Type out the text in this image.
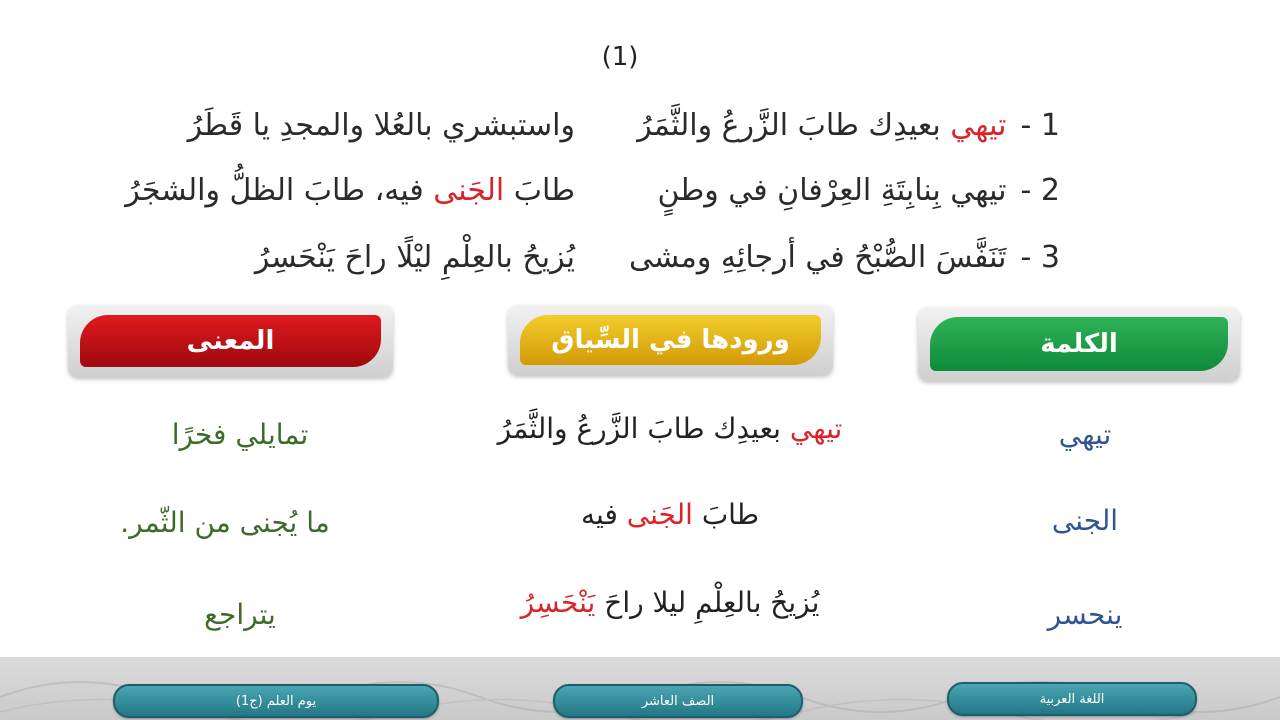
(1)
1 -تيهي بعيدِك طابَ الزَّرعُ والثَّمَرُ
واستبشري بالعُلا والمجدِ يا قَطَرُ
2 -تيهي بِنابِتَةِ العِرْفانِ في وطنٍ
طابَ الجَنى فيه، طابَ الظلُّ والشجَرُ
3 -تَنَفَّسَ الصُّبْحُ في أرجائِهِ ومشى
يُزيحُ بالعِلْمِ ليْلًا راحَ يَنْحَسِرُ
الكلمة
ورودها في السِّياق
المعنى
تيهي
تيهي بعيدِك طابَ الزَّرعُ والثَّمَرُ
تمايلي فخرًا
الجنى
طابَ الجَنى فيه
ما يُجنى من الثّمر.
ينحسر
يُزيحُ بالعِلْمِ ليلا راحَ يَنْحَسِرُ
يتراجع
اللغة العربية
الصف العاشر
يوم العلم (ج1)
